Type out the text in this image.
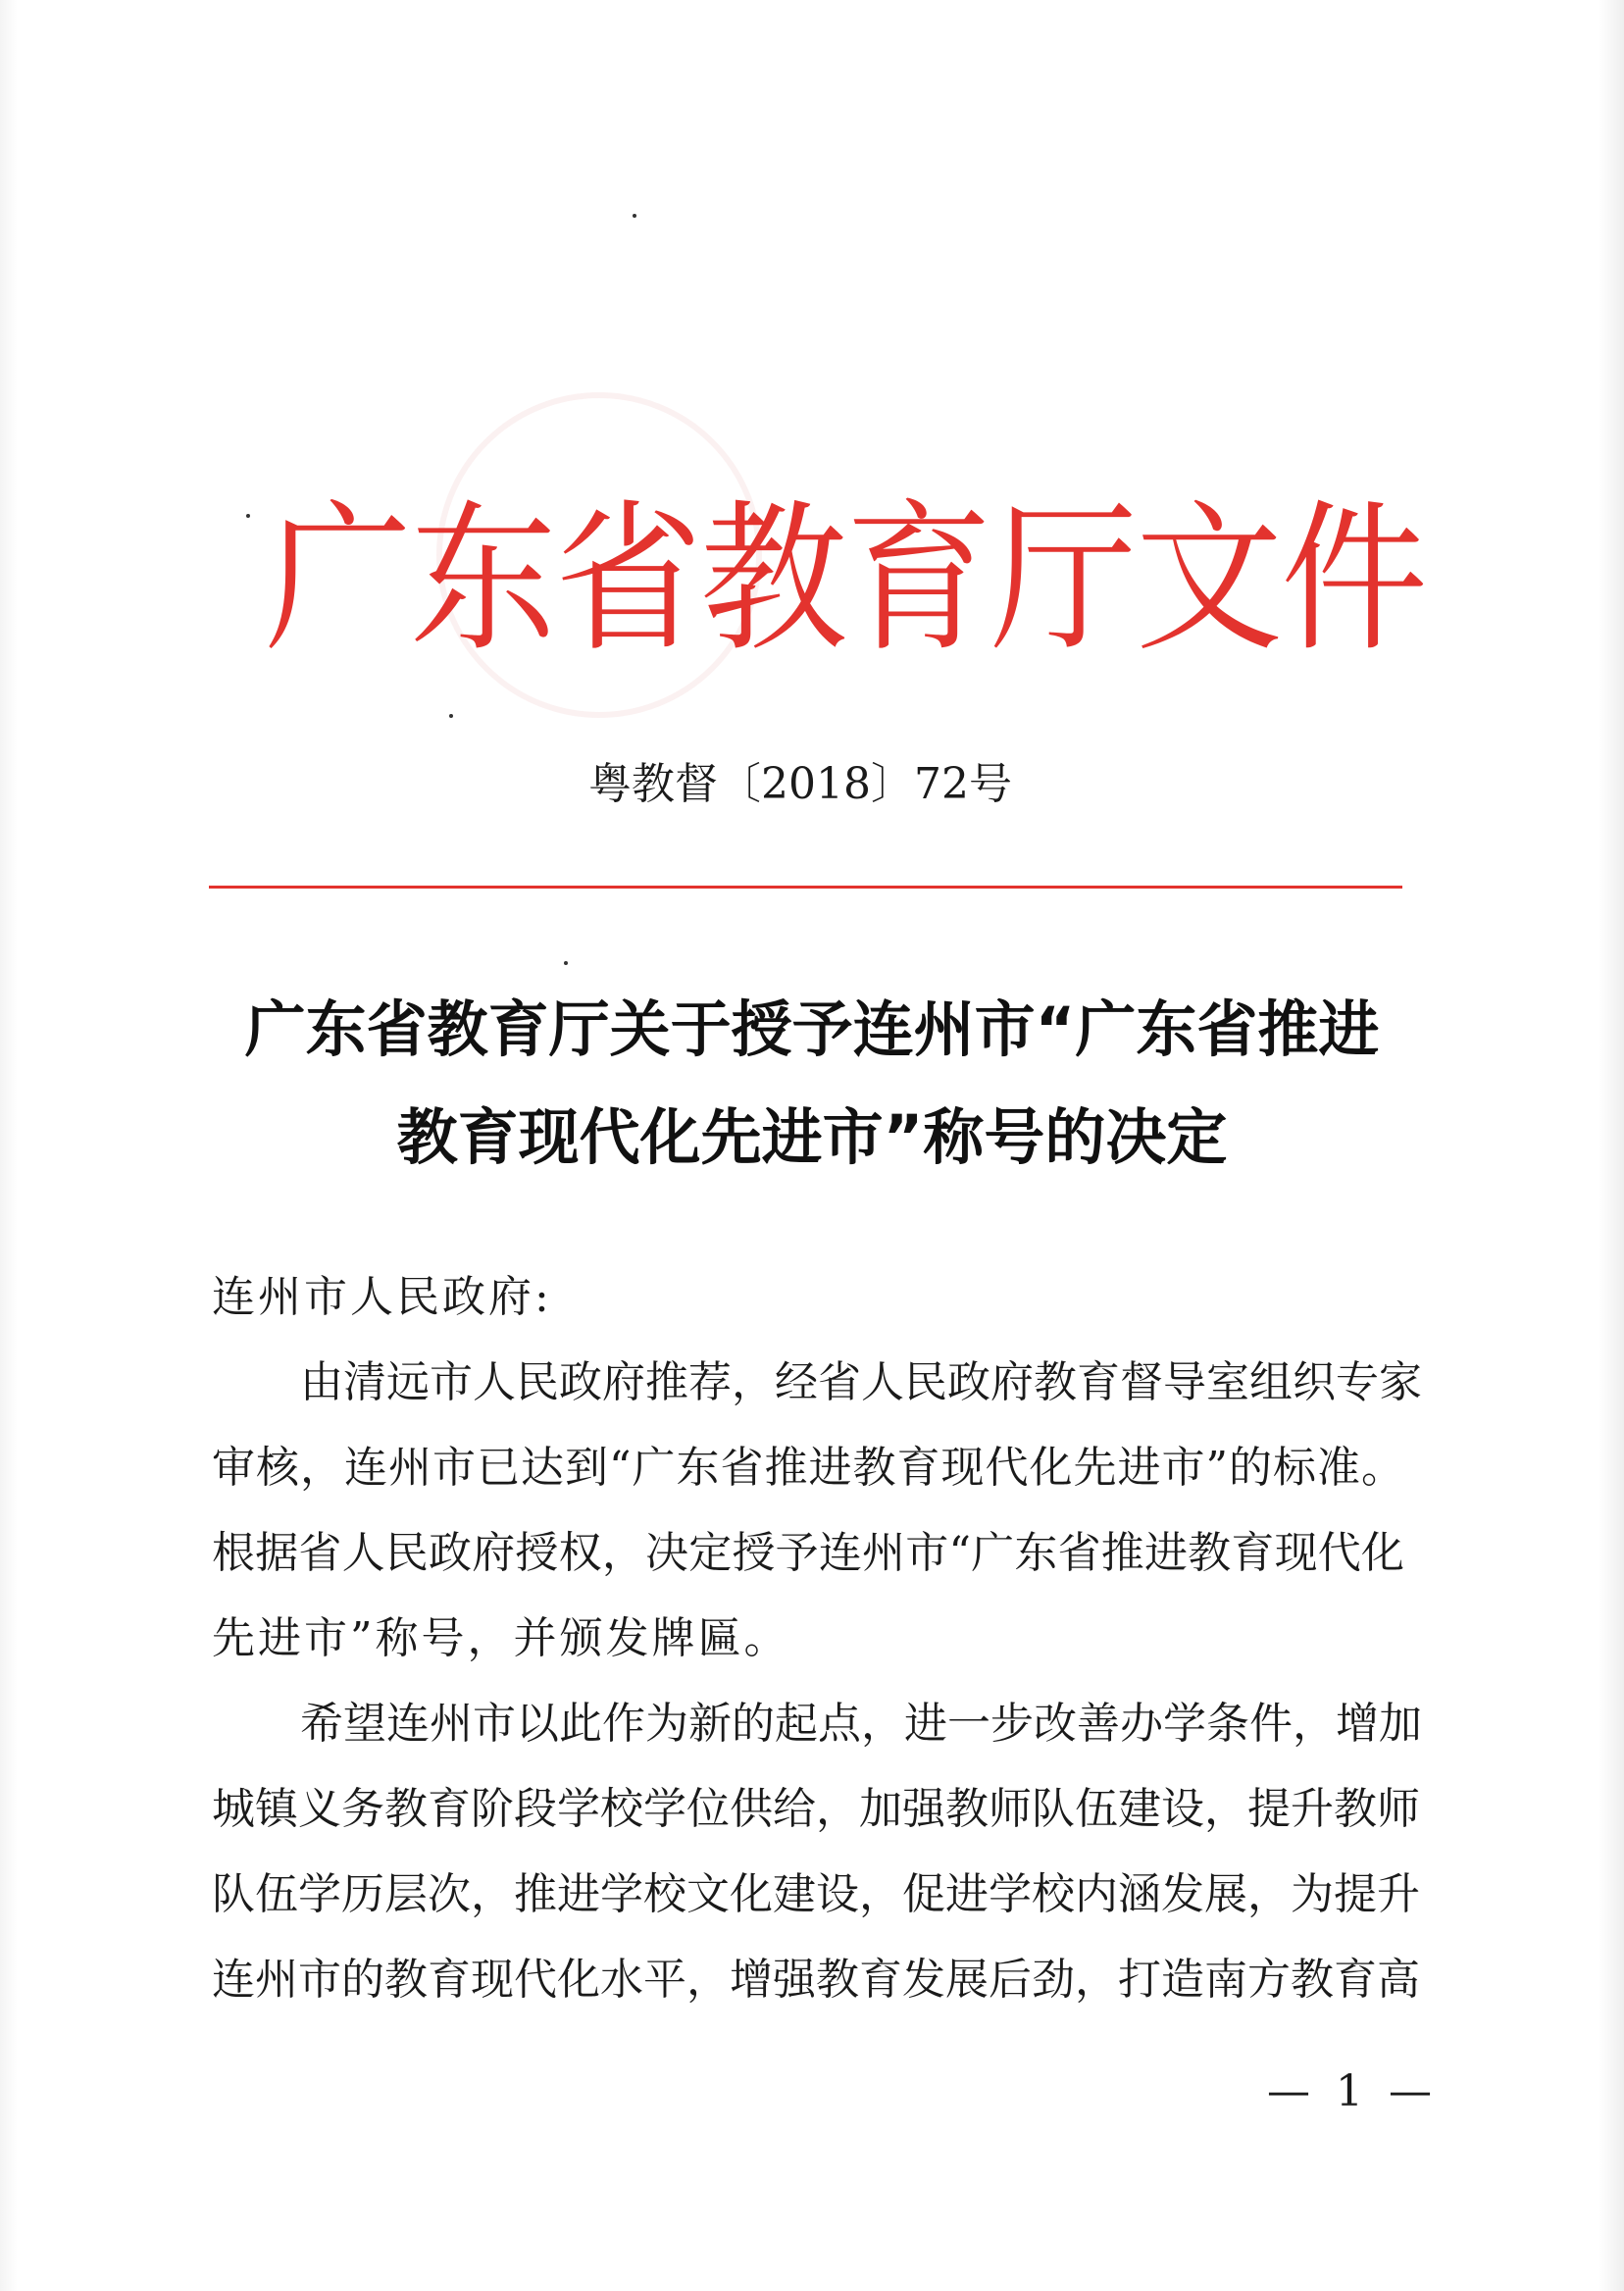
广东省教育厅文件
粤教督〔2018〕72号
广东省教育厅关于授予连州市“广东省推进
教育现代化先进市”称号的决定
连州市人民政府:
由清远市人民政府推荐，经省人民政府教育督导室组织专家
审核，连州市已达到“广东省推进教育现代化先进市”的标准。
根据省人民政府授权，决定授予连州市“广东省推进教育现代化
先进市”称号，并颁发牌匾。
希望连州市以此作为新的起点，进一步改善办学条件，增加
城镇义务教育阶段学校学位供给，加强教师队伍建设，提升教师
队伍学历层次，推进学校文化建设，促进学校内涵发展，为提升
连州市的教育现代化水平，增强教育发展后劲，打造南方教育高
— 1 —
